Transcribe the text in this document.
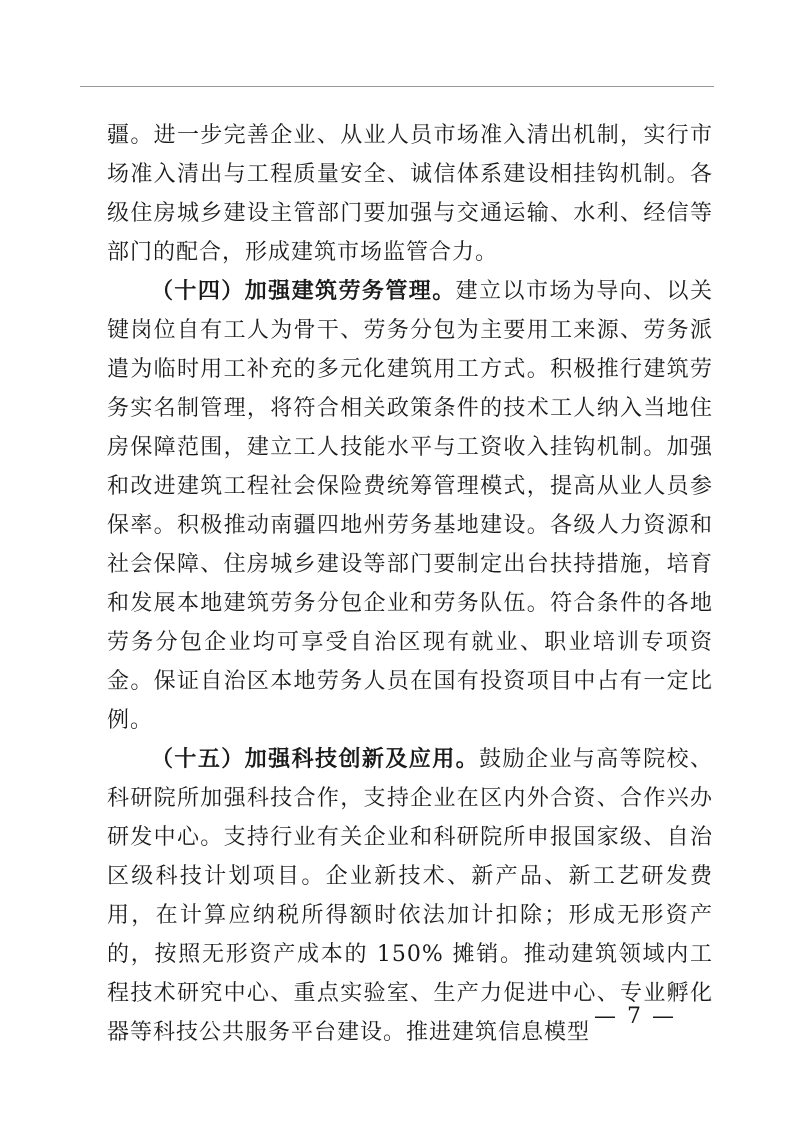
疆。进一步完善企业、从业人员市场准入清出机制，实行市场准入清出与工程质量安全、诚信体系建设相挂钩机制。各级住房城乡建设主管部门要加强与交通运输、水利、经信等部门的配合，形成建筑市场监管合力。

（十四）加强建筑劳务管理。建立以市场为导向、以关键岗位自有工人为骨干、劳务分包为主要用工来源、劳务派遣为临时用工补充的多元化建筑用工方式。积极推行建筑劳务实名制管理，将符合相关政策条件的技术工人纳入当地住房保障范围，建立工人技能水平与工资收入挂钩机制。加强和改进建筑工程社会保险费统筹管理模式，提高从业人员参保率。积极推动南疆四地州劳务基地建设。各级人力资源和社会保障、住房城乡建设等部门要制定出台扶持措施，培育和发展本地建筑劳务分包企业和劳务队伍。符合条件的各地劳务分包企业均可享受自治区现有就业、职业培训专项资金。保证自治区本地劳务人员在国有投资项目中占有一定比例。

（十五）加强科技创新及应用。鼓励企业与高等院校、科研院所加强科技合作，支持企业在区内外合资、合作兴办研发中心。支持行业有关企业和科研院所申报国家级、自治区级科技计划项目。企业新技术、新产品、新工艺研发费用，在计算应纳税所得额时依法加计扣除；形成无形资产的，按照无形资产成本的 150% 摊销。推动建筑领域内工程技术研究中心、重点实验室、生产力促进中心、专业孵化器等科技公共服务平台建设。推进建筑信息模型

— 7 —
